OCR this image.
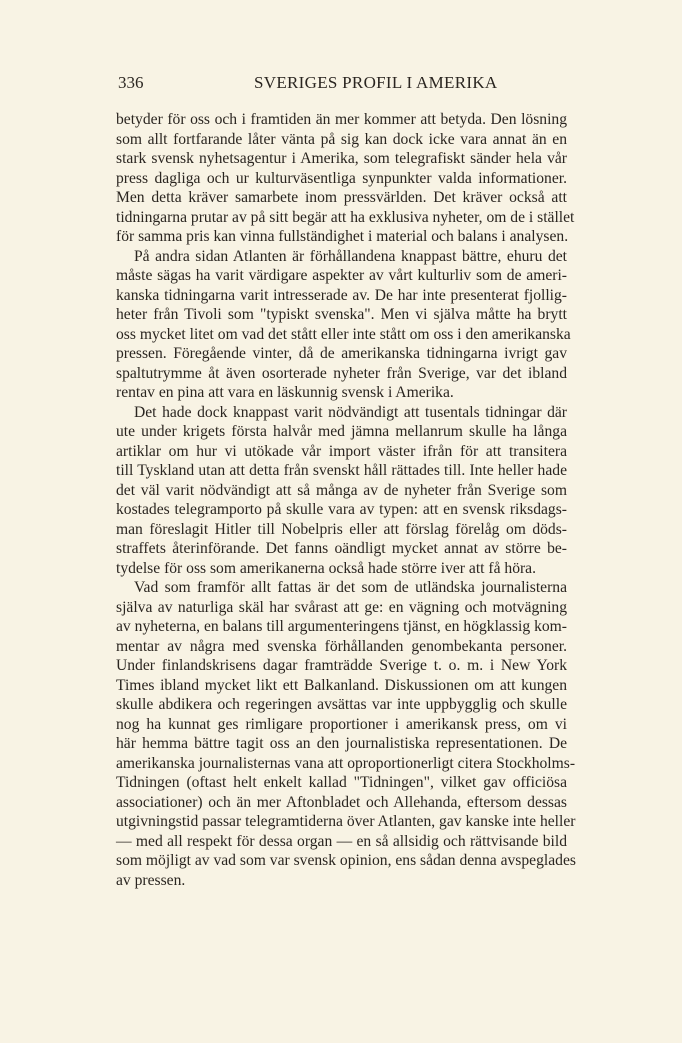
336	SVERIGES PROFIL I AMERIKA
betyder för oss och i framtiden än mer kommer att betyda. Den lösning
som allt fortfarande låter vänta på sig kan dock icke vara annat än en
stark svensk nyhetsagentur i Amerika, som telegrafiskt sänder hela vår
press dagliga och ur kulturväsentliga synpunkter valda informationer.
Men detta kräver samarbete inom pressvärlden. Det kräver också att
tidningarna prutar av på sitt begär att ha exklusiva nyheter, om de i stället
för samma pris kan vinna fullständighet i material och balans i analysen.
På andra sidan Atlanten är förhållandena knappast bättre, ehuru det
måste sägas ha varit värdigare aspekter av vårt kulturliv som de ameri-
kanska tidningarna varit intresserade av. De har inte presenterat fjollig-
heter från Tivoli som "typiskt svenska". Men vi själva måtte ha brytt
oss mycket litet om vad det stått eller inte stått om oss i den amerikanska
pressen. Föregående vinter, då de amerikanska tidningarna ivrigt gav
spaltutrymme åt även osorterade nyheter från Sverige, var det ibland
rentav en pina att vara en läskunnig svensk i Amerika.
Det hade dock knappast varit nödvändigt att tusentals tidningar där
ute under krigets första halvår med jämna mellanrum skulle ha långa
artiklar om hur vi utökade vår import väster ifrån för att transitera
till Tyskland utan att detta från svenskt håll rättades till. Inte heller hade
det väl varit nödvändigt att så många av de nyheter från Sverige som
kostades telegramporto på skulle vara av typen: att en svensk riksdags-
man föreslagit Hitler till Nobelpris eller att förslag förelåg om döds-
straffets återinförande. Det fanns oändligt mycket annat av större be-
tydelse för oss som amerikanerna också hade större iver att få höra.
Vad som framför allt fattas är det som de utländska journalisterna
själva av naturliga skäl har svårast att ge: en vägning och motvägning
av nyheterna, en balans till argumenteringens tjänst, en högklassig kom-
mentar av några med svenska förhållanden genombekanta personer.
Under finlandskrisens dagar framträdde Sverige t. o. m. i New York
Times ibland mycket likt ett Balkanland. Diskussionen om att kungen
skulle abdikera och regeringen avsättas var inte uppbygglig och skulle
nog ha kunnat ges rimligare proportioner i amerikansk press, om vi
här hemma bättre tagit oss an den journalistiska representationen. De
amerikanska journalisternas vana att oproportionerligt citera Stockholms-
Tidningen (oftast helt enkelt kallad "Tidningen", vilket gav officiösa
associationer) och än mer Aftonbladet och Allehanda, eftersom dessas
utgivningstid passar telegramtiderna över Atlanten, gav kanske inte heller
— med all respekt för dessa organ — en så allsidig och rättvisande bild
som möjligt av vad som var svensk opinion, ens sådan denna avspeglades
av pressen.
